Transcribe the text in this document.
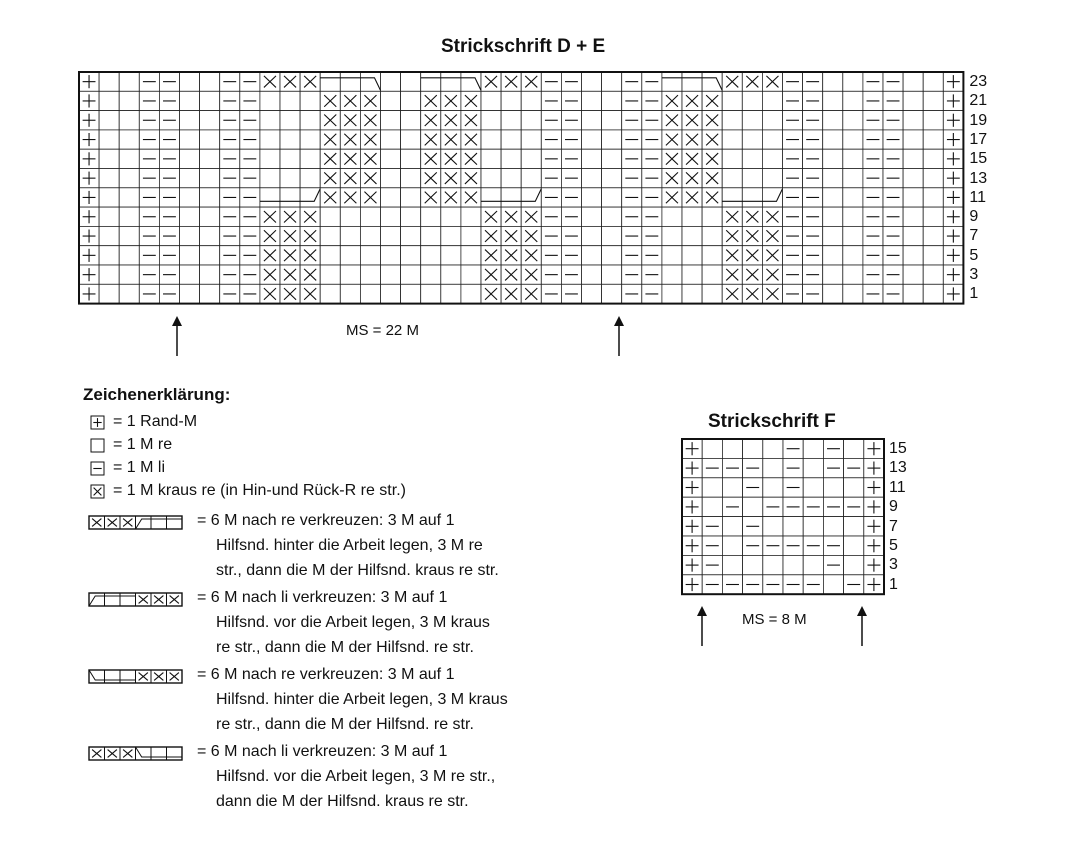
Strickschrift D + E
Strickschrift F
23
21
19
17
15
13
11
9
7
5
3
1
MS = 22 M
15
13
11
9
7
5
3
1
MS = 8 M
Zeichenerklärung:
= 1 Rand-M
= 1 M re
= 1 M li
= 1 M kraus re (in Hin-und Rück-R re str.)
= 6 M nach re verkreuzen: 3 M auf 1
Hilfsnd. hinter die Arbeit legen, 3 M re
str., dann die M der Hilfsnd. kraus re str.
= 6 M nach li verkreuzen: 3 M auf 1
Hilfsnd. vor die Arbeit legen, 3 M kraus
re str., dann die M der Hilfsnd. re str.
= 6 M nach re verkreuzen: 3 M auf 1
Hilfsnd. hinter die Arbeit legen, 3 M kraus
re str., dann die M der Hilfsnd. re str.
= 6 M nach li verkreuzen: 3 M auf 1
Hilfsnd. vor die Arbeit legen, 3 M re str.,
dann die M der Hilfsnd. kraus re str.
